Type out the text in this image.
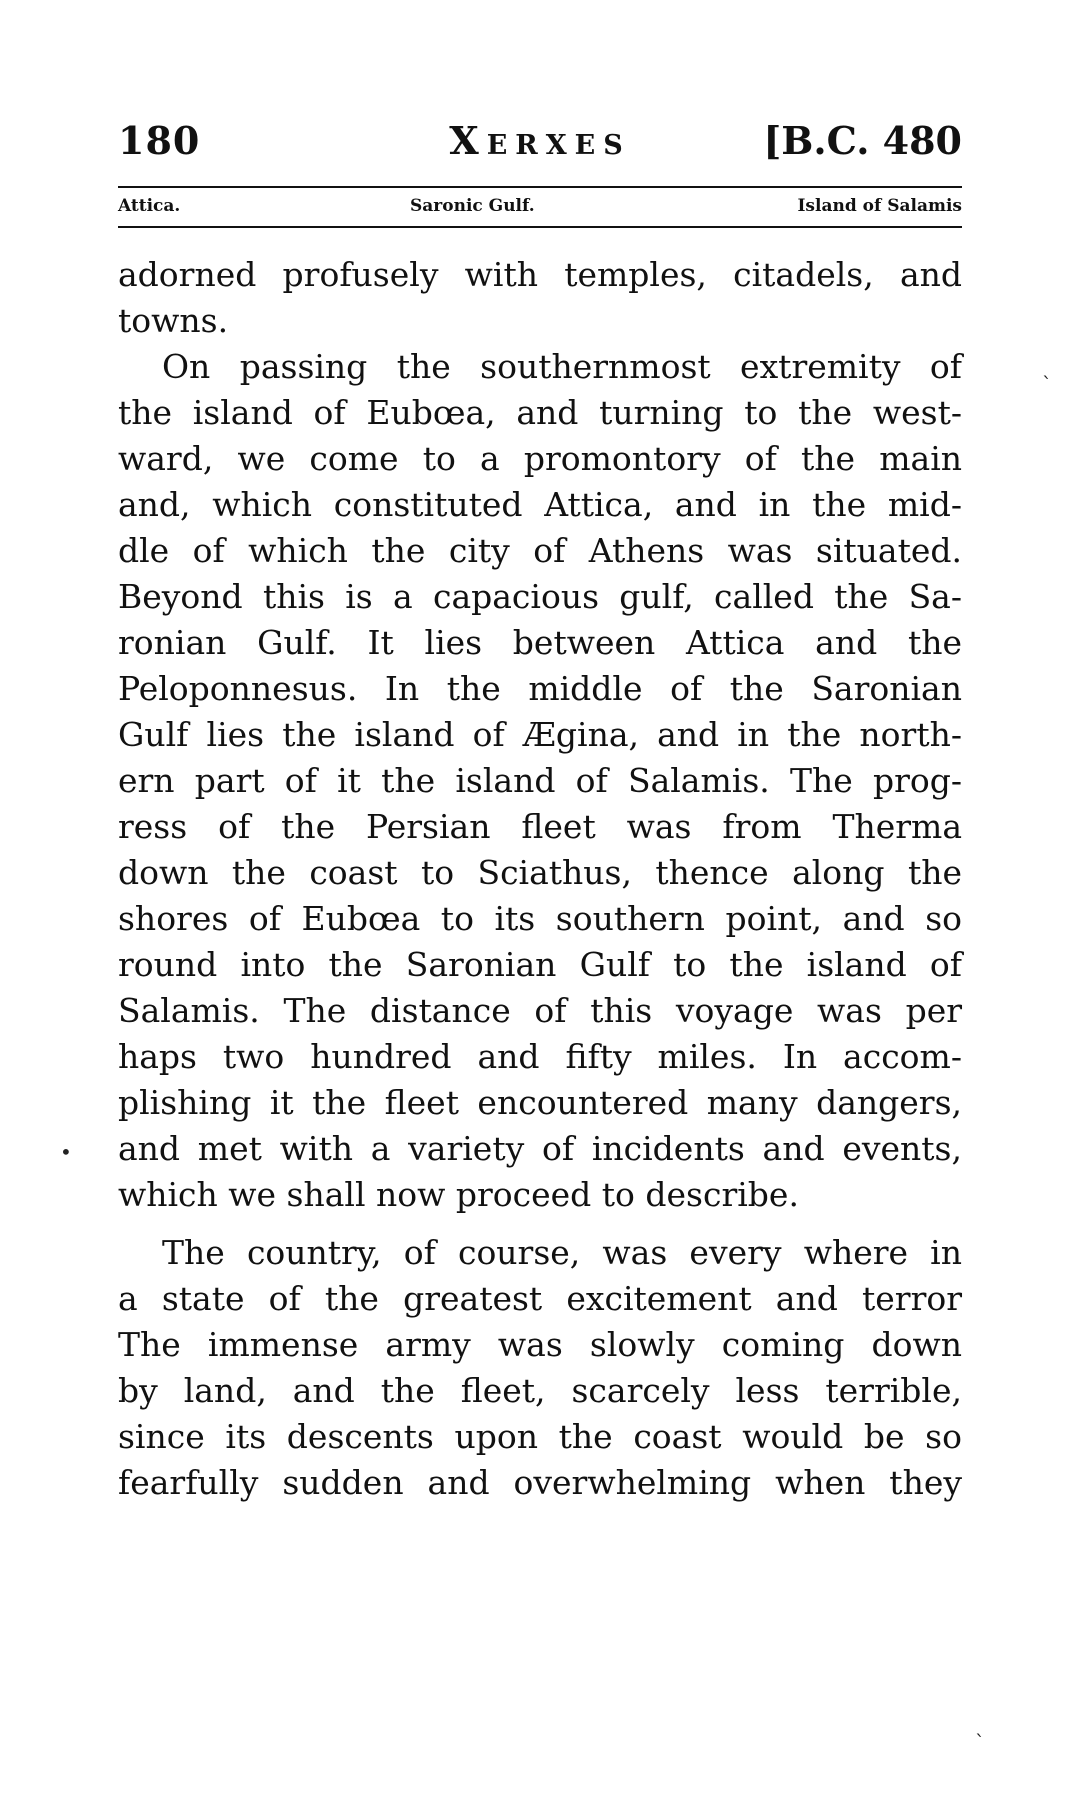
180	Xerxes	[B.C. 480
Attica.	Saronic Gulf.	Island of Salamis
adorned profusely with temples, citadels, and
towns.
On passing the southernmost extremity of
the island of Eubœa, and turning to the west-
ward, we come to a promontory of the main
and, which constituted Attica, and in the mid-
dle of which the city of Athens was situated.
Beyond this is a capacious gulf, called the Sa-
ronian Gulf. It lies between Attica and the
Peloponnesus. In the middle of the Saronian
Gulf lies the island of Ægina, and in the north-
ern part of it the island of Salamis. The prog-
ress of the Persian fleet was from Therma
down the coast to Sciathus, thence along the
shores of Eubœa to its southern point, and so
round into the Saronian Gulf to the island of
Salamis. The distance of this voyage was per
haps two hundred and fifty miles. In accom-
plishing it the fleet encountered many dangers,
and met with a variety of incidents and events,
which we shall now proceed to describe.
The country, of course, was every where in
a state of the greatest excitement and terror
The immense army was slowly coming down
by land, and the fleet, scarcely less terrible,
since its descents upon the coast would be so
fearfully sudden and overwhelming when they
ˋ
•
ˋ
